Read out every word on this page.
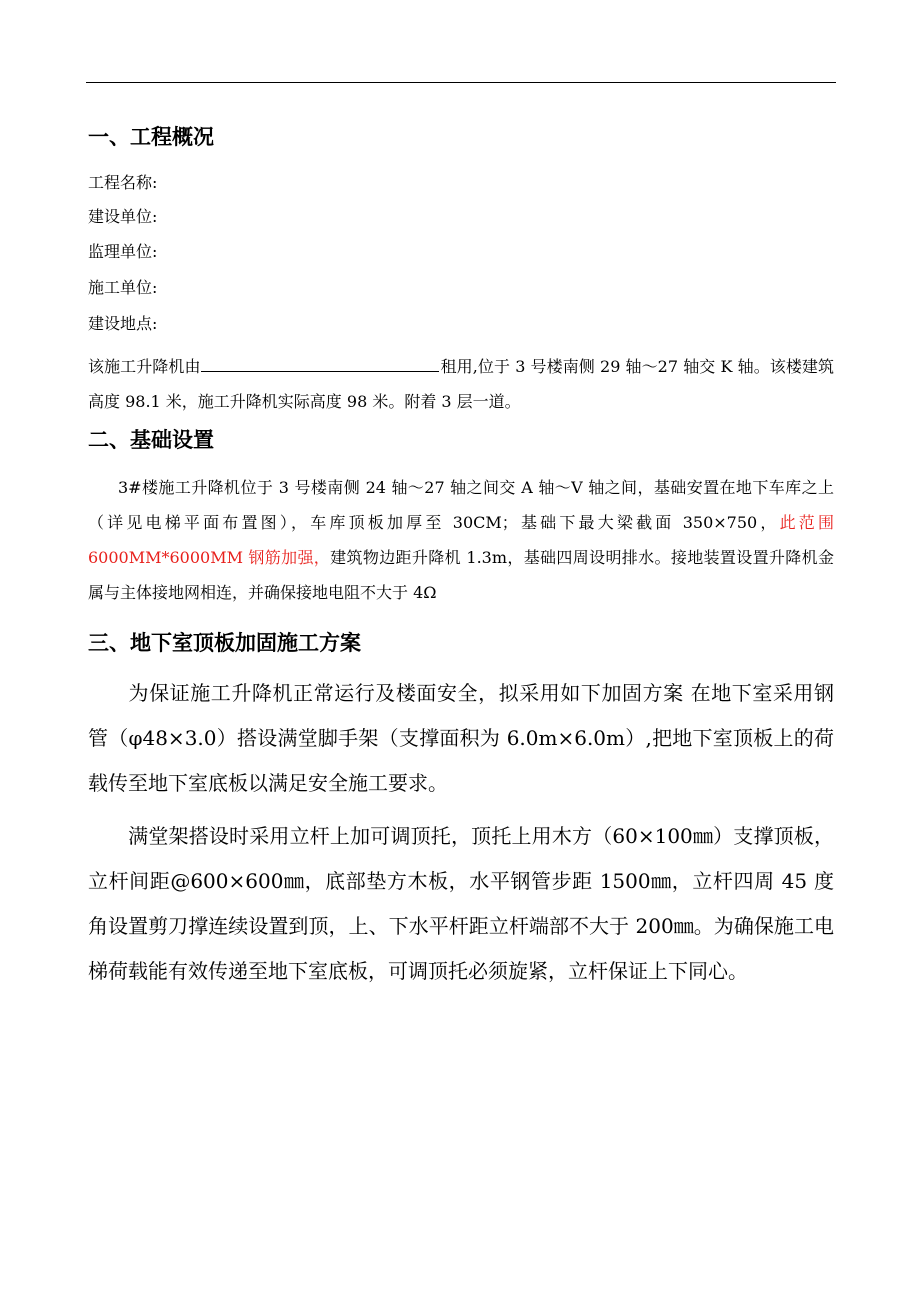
一、工程概况
工程名称:
建设单位:
监理单位:
施工单位:
建设地点:
该施工升降机由	租用,位于 3 号楼南侧 29 轴～27 轴交 K 轴。该楼建筑高度 98.1 米，施工升降机实际高度 98 米。附着 3 层一道。
二、基础设置
3#楼施工升降机位于 3 号楼南侧 24 轴～27 轴之间交 A 轴～V 轴之间，基础安置在地下车库之上（详见电梯平面布置图），车库顶板加厚至 30CM；基础下最大梁截面 350×750，此范围 6000MM*6000MM 钢筋加强，建筑物边距升降机 1.3m，基础四周设明排水。接地装置设置升降机金属与主体接地网相连，并确保接地电阻不大于 4Ω
三、地下室顶板加固施工方案
为保证施工升降机正常运行及楼面安全，拟采用如下加固方案 在地下室采用钢管（φ48×3.0）搭设满堂脚手架（支撑面积为 6.0m×6.0m）,把地下室顶板上的荷载传至地下室底板以满足安全施工要求。
满堂架搭设时采用立杆上加可调顶托，顶托上用木方（60×100㎜）支撑顶板，立杆间距@600×600㎜，底部垫方木板，水平钢管步距 1500㎜，立杆四周 45 度角设置剪刀撑连续设置到顶，上、下水平杆距立杆端部不大于 200㎜。为确保施工电梯荷载能有效传递至地下室底板，可调顶托必须旋紧，立杆保证上下同心。
